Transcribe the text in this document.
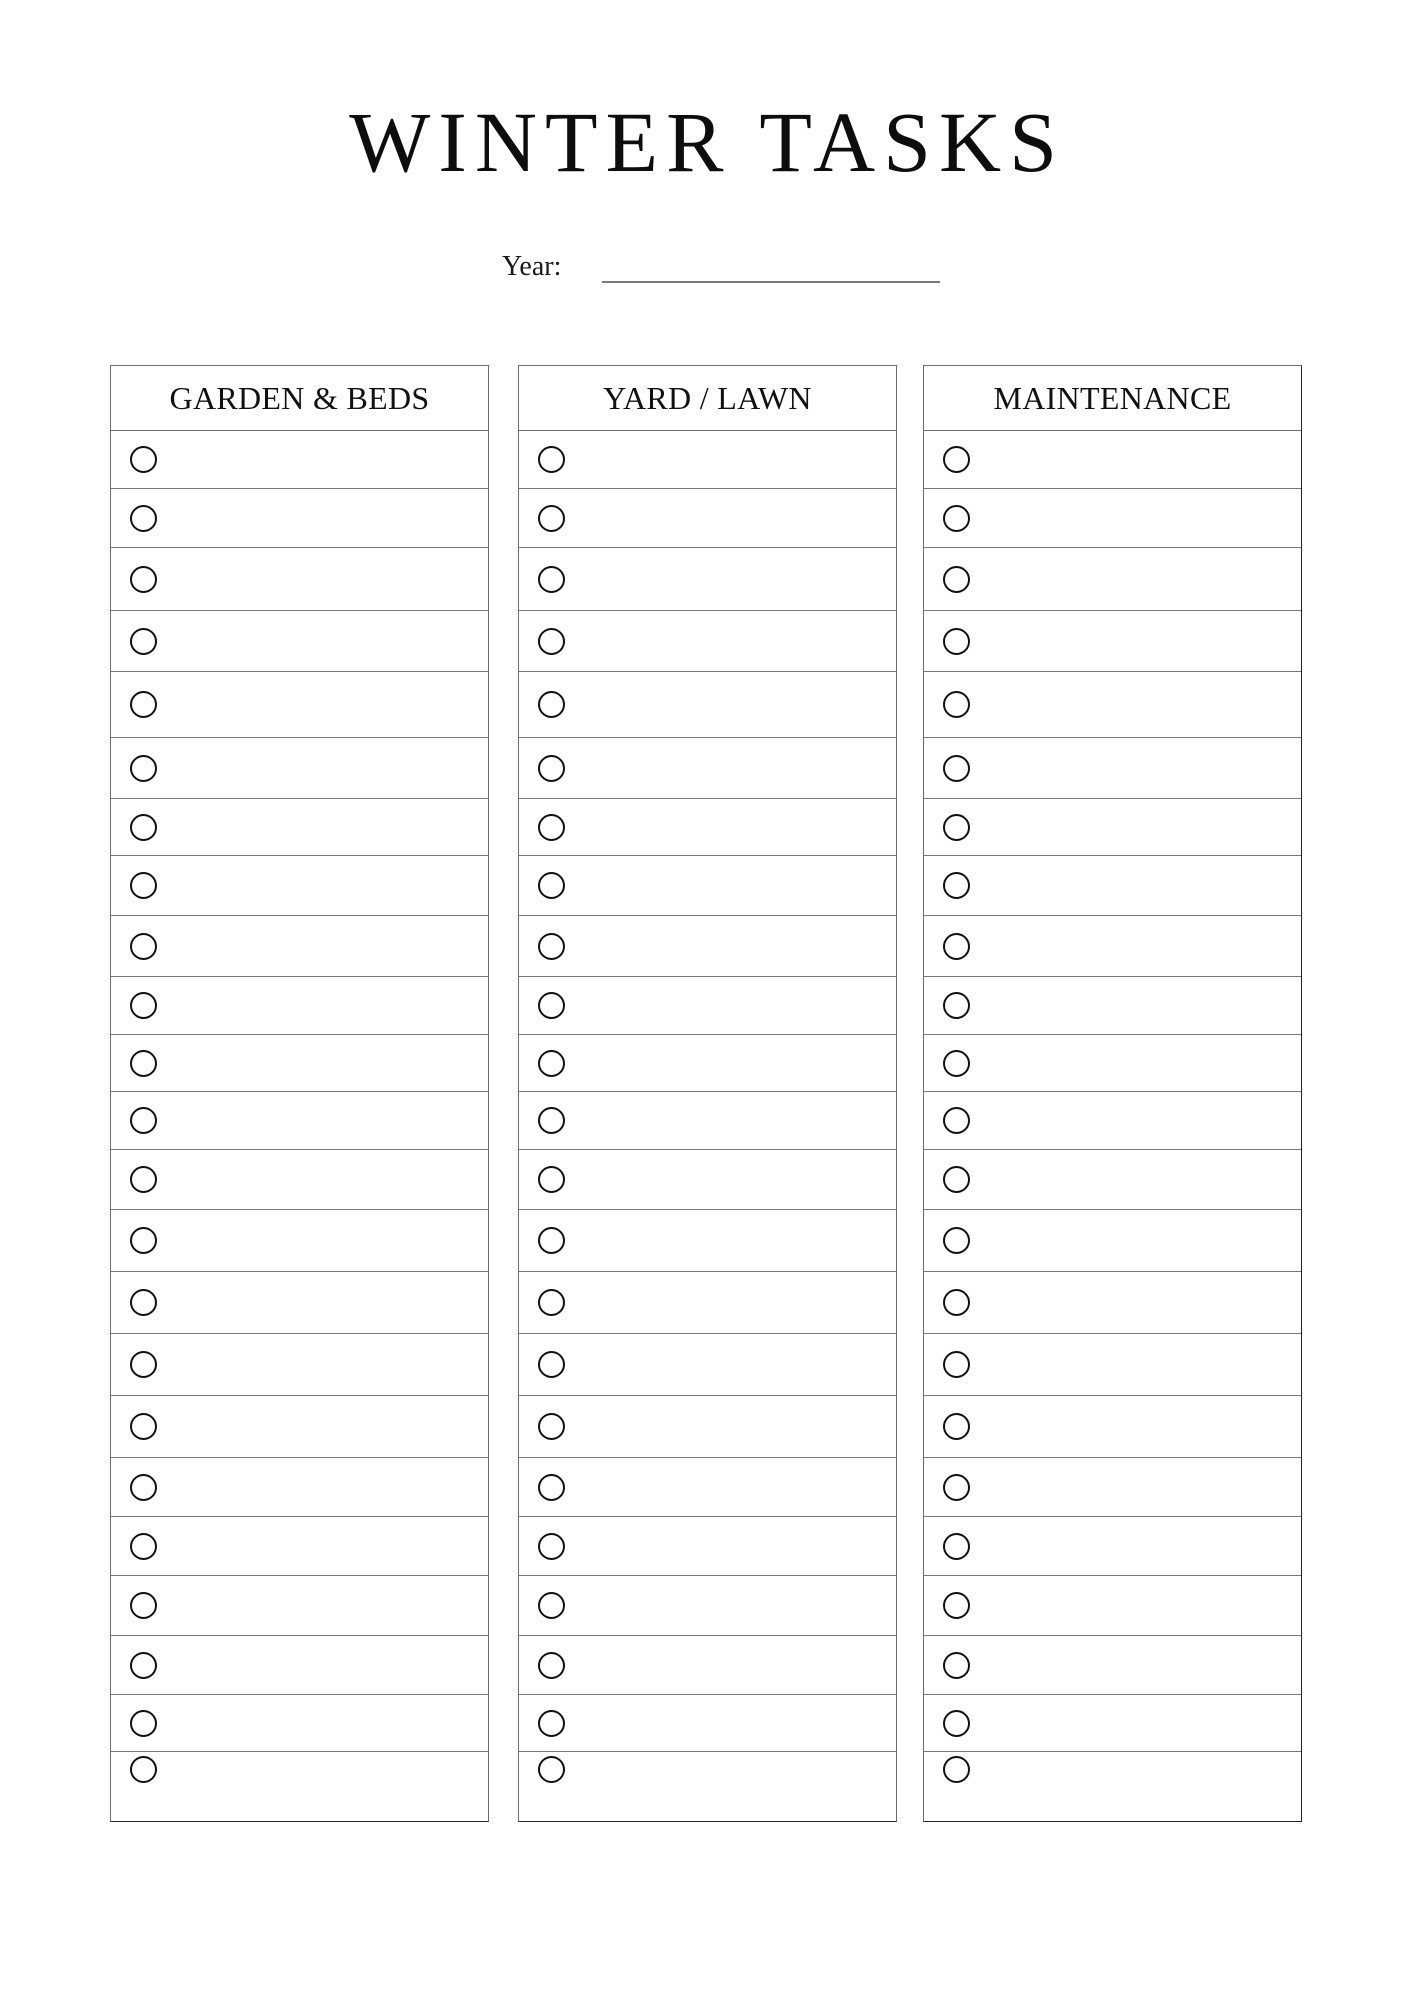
WINTER TASKS
Year:
GARDEN & BEDS	YARD / LAWN	MAINTENANCE
